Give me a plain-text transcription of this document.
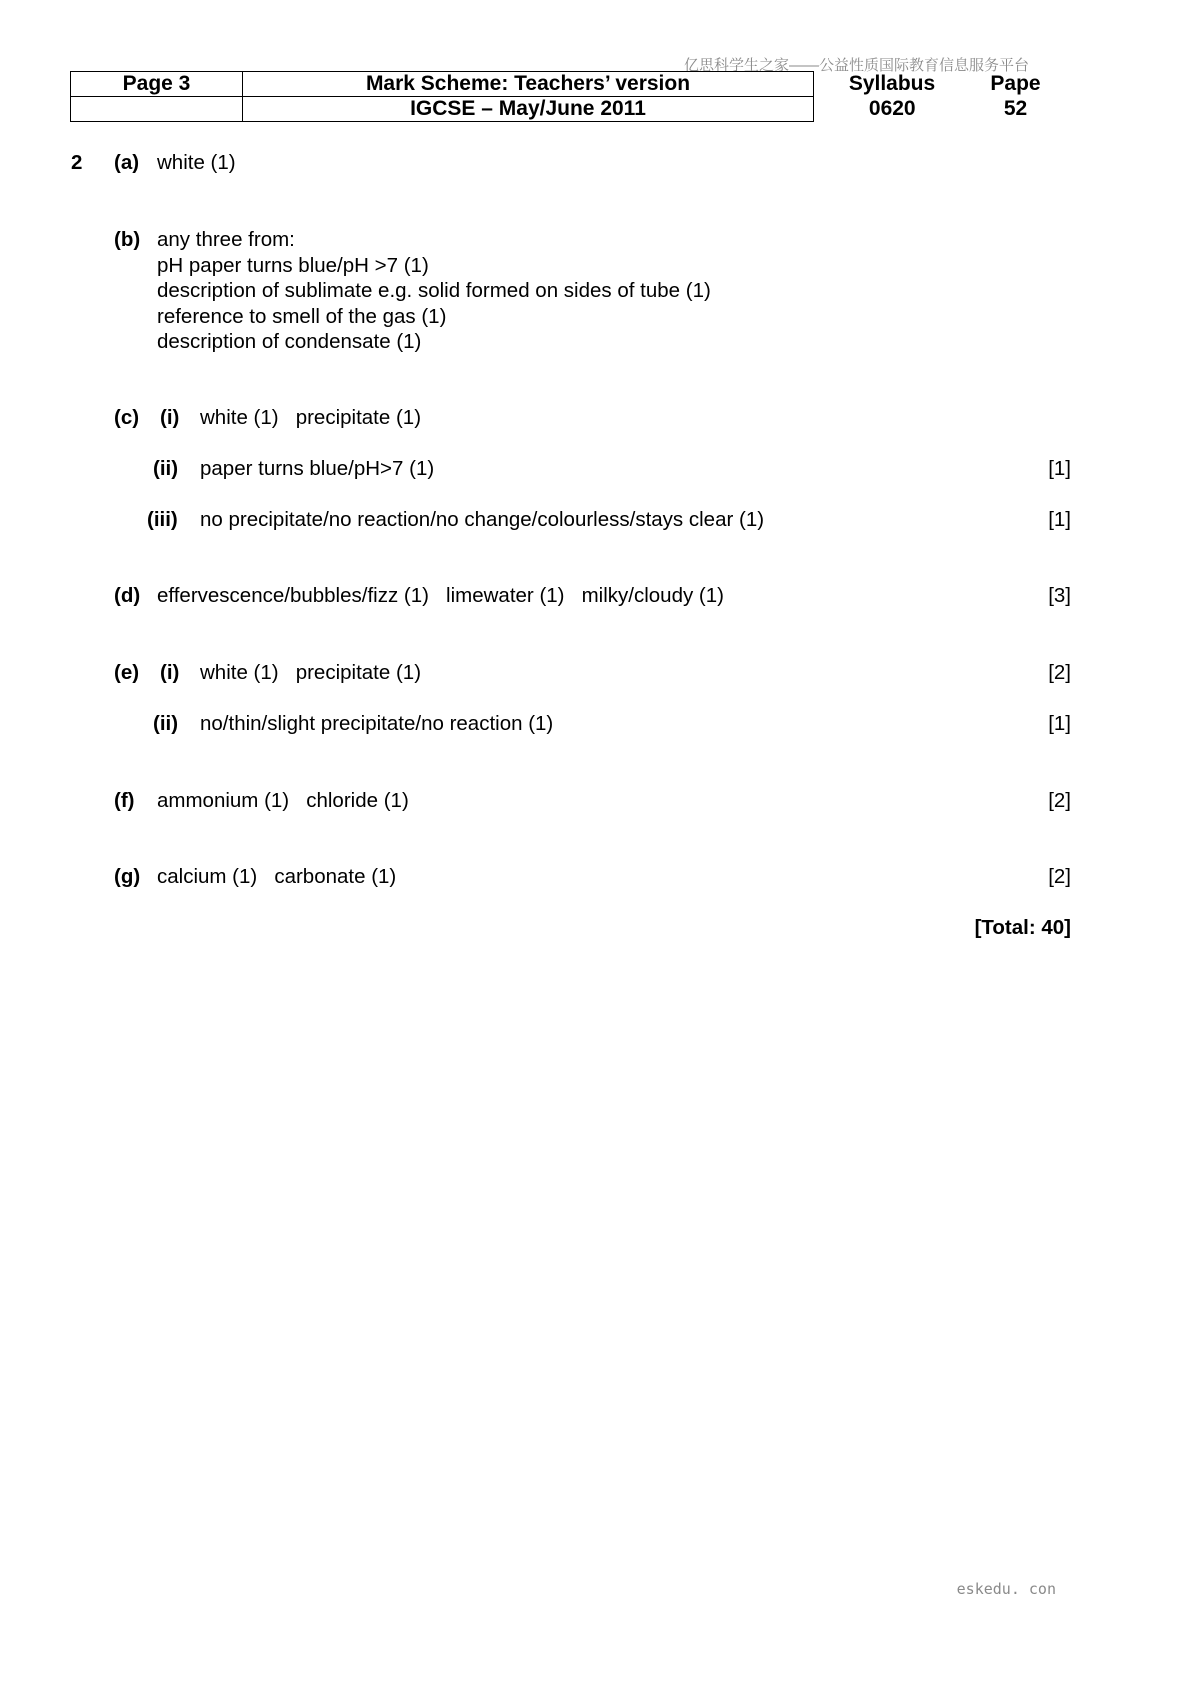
亿思科学生之家——公益性质国际教育信息服务平台
Page 3	Mark Scheme: Teachers’ version	Syllabus	Pape
	IGCSE – May/June 2011	0620	52
2 (a) white (1)
(b) any three from:
pH paper turns blue/pH >7 (1)
description of sublimate e.g. solid formed on sides of tube (1)
reference to smell of the gas (1)
description of condensate (1)
(c) (i) white (1)   precipitate (1)
(ii) paper turns blue/pH>7 (1)	[1]
(iii) no precipitate/no reaction/no change/colourless/stays clear (1)	[1]
(d) effervescence/bubbles/fizz (1)   limewater (1)   milky/cloudy (1)	[3]
(e) (i) white (1)   precipitate (1)	[2]
(ii) no/thin/slight precipitate/no reaction (1)	[1]
(f) ammonium (1)   chloride (1)	[2]
(g) calcium (1)   carbonate (1)	[2]
[Total: 40]
eskedu. con
